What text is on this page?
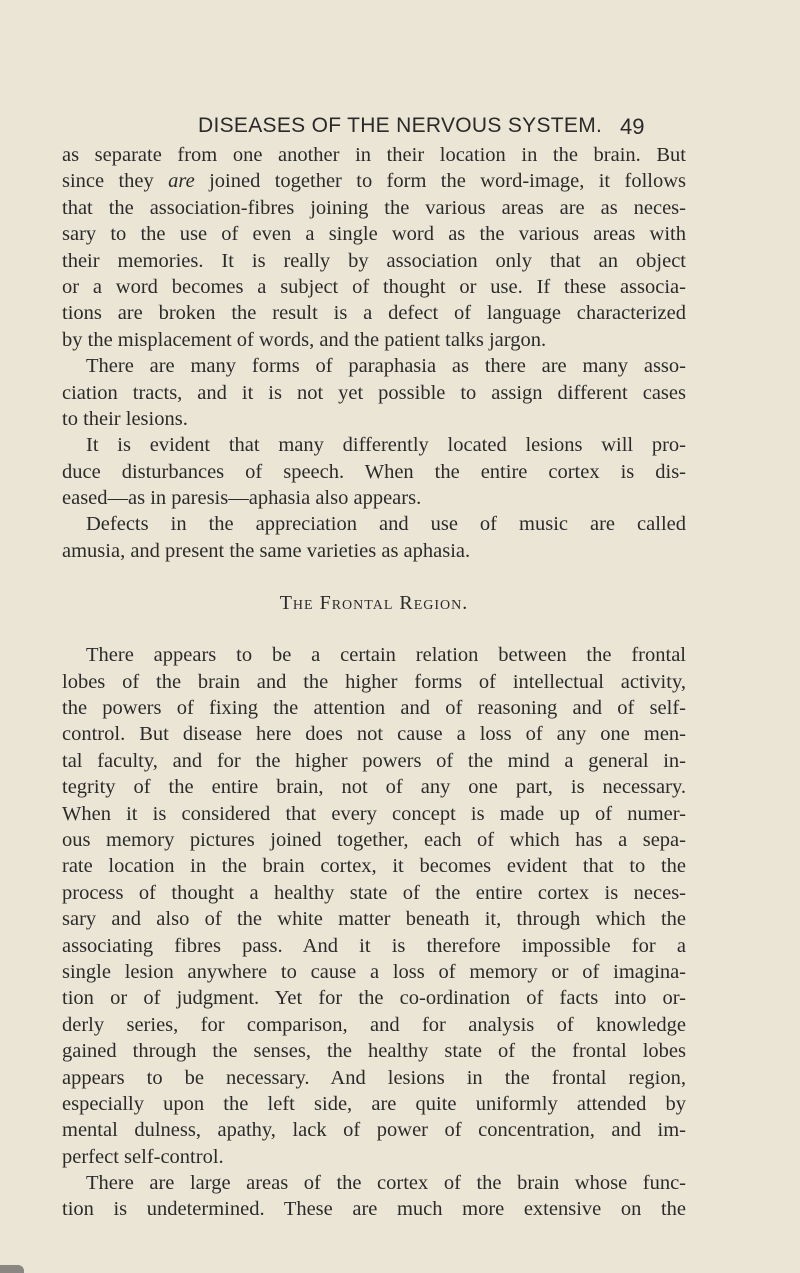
DISEASES OF THE NERVOUS SYSTEM. 49
as separate from one another in their location in the brain. But
since they are joined together to form the word-image, it follows
that the association-fibres joining the various areas are as neces-
sary to the use of even a single word as the various areas with
their memories. It is really by association only that an object
or a word becomes a subject of thought or use. If these associa-
tions are broken the result is a defect of language characterized
by the misplacement of words, and the patient talks jargon.
There are many forms of paraphasia as there are many asso-
ciation tracts, and it is not yet possible to assign different cases
to their lesions.
It is evident that many differently located lesions will pro-
duce disturbances of speech. When the entire cortex is dis-
eased—as in paresis—aphasia also appears.
Defects in the appreciation and use of music are called
amusia, and present the same varieties as aphasia.
The Frontal Region.
There appears to be a certain relation between the frontal
lobes of the brain and the higher forms of intellectual activity,
the powers of fixing the attention and of reasoning and of self-
control. But disease here does not cause a loss of any one men-
tal faculty, and for the higher powers of the mind a general in-
tegrity of the entire brain, not of any one part, is necessary.
When it is considered that every concept is made up of numer-
ous memory pictures joined together, each of which has a sepa-
rate location in the brain cortex, it becomes evident that to the
process of thought a healthy state of the entire cortex is neces-
sary and also of the white matter beneath it, through which the
associating fibres pass. And it is therefore impossible for a
single lesion anywhere to cause a loss of memory or of imagina-
tion or of judgment. Yet for the co-ordination of facts into or-
derly series, for comparison, and for analysis of knowledge
gained through the senses, the healthy state of the frontal lobes
appears to be necessary. And lesions in the frontal region,
especially upon the left side, are quite uniformly attended by
mental dulness, apathy, lack of power of concentration, and im-
perfect self-control.
There are large areas of the cortex of the brain whose func-
tion is undetermined. These are much more extensive on the
